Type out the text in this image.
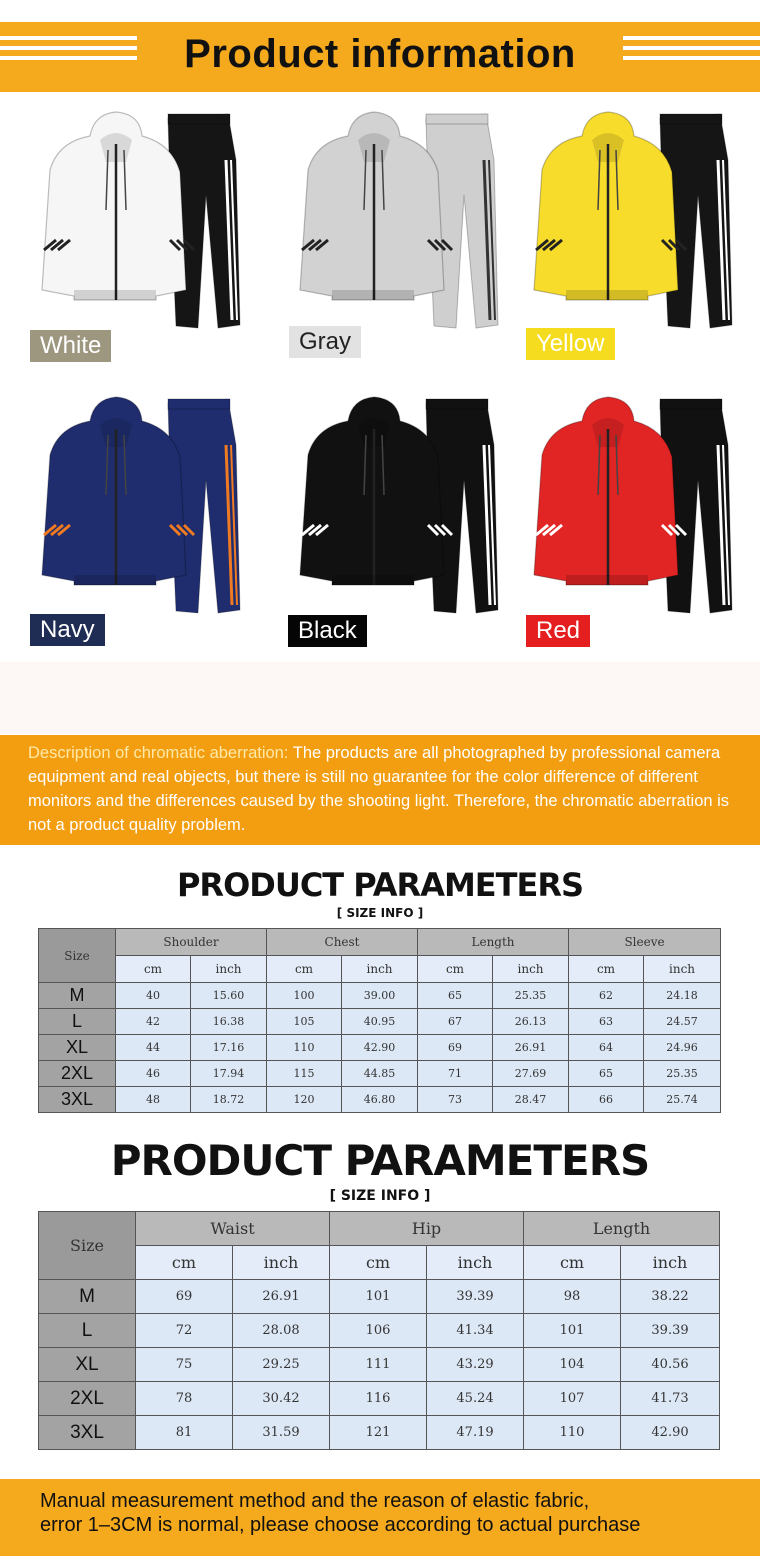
Product information
White	Gray	Yellow
Navy	Black	Red
Description of chromatic aberration: The products are all photographed by professional camera equipment and real objects, but there is still no guarantee for the color difference of different monitors and the differences caused by the shooting light. Therefore, the chromatic aberration is not a product quality problem.
PRODUCT PARAMETERS
[ SIZE INFO ]
Size	Shoulder		Chest		Length		Sleeve	
	cm	inch	cm	inch	cm	inch	cm	inch
M	40	15.60	100	39.00	65	25.35	62	24.18
L	42	16.38	105	40.95	67	26.13	63	24.57
XL	44	17.16	110	42.90	69	26.91	64	24.96
2XL	46	17.94	115	44.85	71	27.69	65	25.35
3XL	48	18.72	120	46.80	73	28.47	66	25.74
PRODUCT PARAMETERS
[ SIZE INFO ]
Size	Waist		Hip		Length	
	cm	inch	cm	inch	cm	inch
M	69	26.91	101	39.39	98	38.22
L	72	28.08	106	41.34	101	39.39
XL	75	29.25	111	43.29	104	40.56
2XL	78	30.42	116	45.24	107	41.73
3XL	81	31.59	121	47.19	110	42.90
Manual measurement method and the reason of elastic fabric,
error 1–3CM is normal, please choose according to actual purchase
